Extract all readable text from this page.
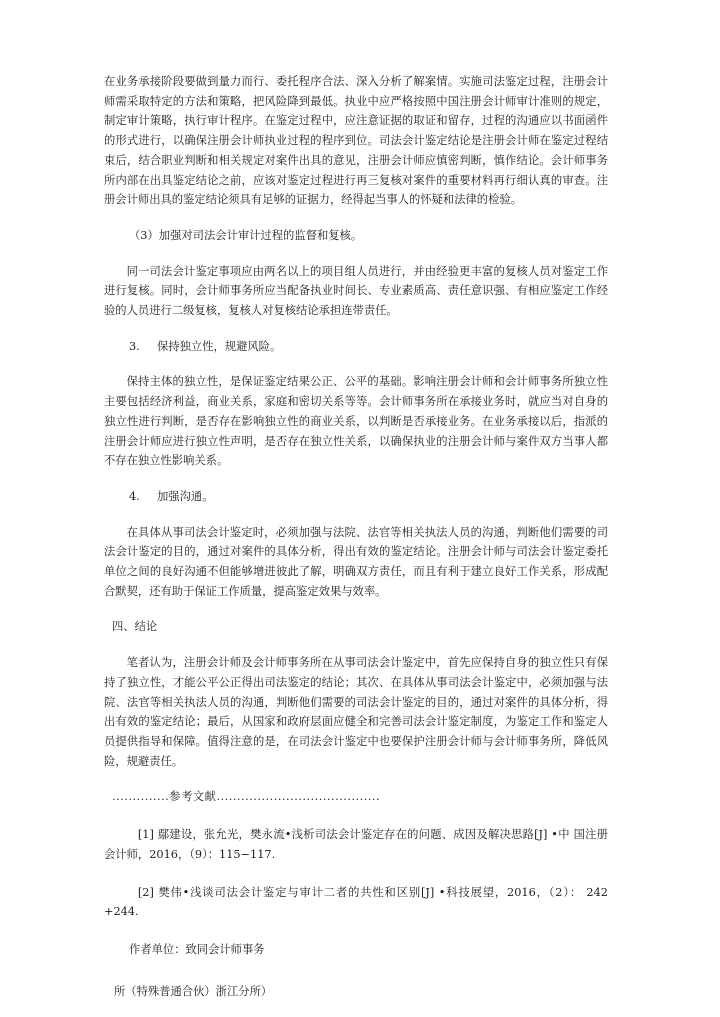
在业务承接阶段要做到量力而行、委托程序合法、深入分析了解案情。实施司法鉴定过程，注册会计师需采取特定的方法和策略，把风险降到最低。执业中应严格按照中国注册会计师审计准则的规定，制定审计策略，执行审计程序。在鉴定过程中，应注意证据的取证和留存，过程的沟通应以书面函件的形式进行，以确保注册会计师执业过程的程序到位。司法会计鉴定结论是注册会计师在鉴定过程结束后，结合职业判断和相关规定对案件出具的意见，注册会计师应慎密判断，慎作结论。会计师事务所内部在出具鉴定结论之前，应该对鉴定过程进行再三复核对案件的重要材料再行细认真的审查。注册会计师出具的鉴定结论须具有足够的证据力，经得起当事人的怀疑和法律的检验。

（3）加强对司法会计审计过程的监督和复核。

同一司法会计鉴定事项应由两名以上的项目组人员进行，并由经验更丰富的复核人员对鉴定工作进行复核。同时，会计师事务所应当配备执业时间长、专业素质高、责任意识强、有相应鉴定工作经验的人员进行二级复核，复核人对复核结论承担连带责任。

3. 保持独立性，规避风险。

保持主体的独立性，是保证鉴定结果公正、公平的基础。影响注册会计师和会计师事务所独立性主要包括经济利益，商业关系，家庭和密切关系等等。会计师事务所在承接业务时，就应当对自身的独立性进行判断，是否存在影响独立性的商业关系，以判断是否承接业务。在业务承接以后，指派的注册会计师应进行独立性声明，是否存在独立性关系，以确保执业的注册会计师与案件双方当事人都不存在独立性影响关系。

4. 加强沟通。

在具体从事司法会计鉴定时，必须加强与法院、法官等相关执法人员的沟通，判断他们需要的司法会计鉴定的目的，通过对案件的具体分析，得出有效的鉴定结论。注册会计师与司法会计鉴定委托单位之间的良好沟通不但能够增进彼此了解，明确双方责任，而且有利于建立良好工作关系，形成配合默契，还有助于保证工作质量，提高鉴定效果与效率。

四、结论

笔者认为，注册会计师及会计师事务所在从事司法会计鉴定中，首先应保持自身的独立性只有保持了独立性，才能公平公正得出司法鉴定的结论；其次、在具体从事司法会计鉴定中，必须加强与法院、法官等相关执法人员的沟通，判断他们需要的司法会计鉴定的目的，通过对案件的具体分析，得出有效的鉴定结论；最后，从国家和政府层面应健全和完善司法会计鉴定制度，为鉴定工作和鉴定人员提供指导和保障。值得注意的是，在司法会计鉴定中也要保护注册会计师与会计师事务所，降低风险，规避责任。

..............参考文献........................................

[1] 鄢建设，张允光，樊永流•浅析司法会计鉴定存在的问题、成因及解决思路[J] •中 国注册会计师，2016，（9）：115−117.

[2] 樊伟•浅谈司法会计鉴定与审计二者的共性和区别[J] •科技展望，2016，（2）： 242 +244.

作者单位：致同会计师事务

所（特殊普通合伙）浙江分所）
